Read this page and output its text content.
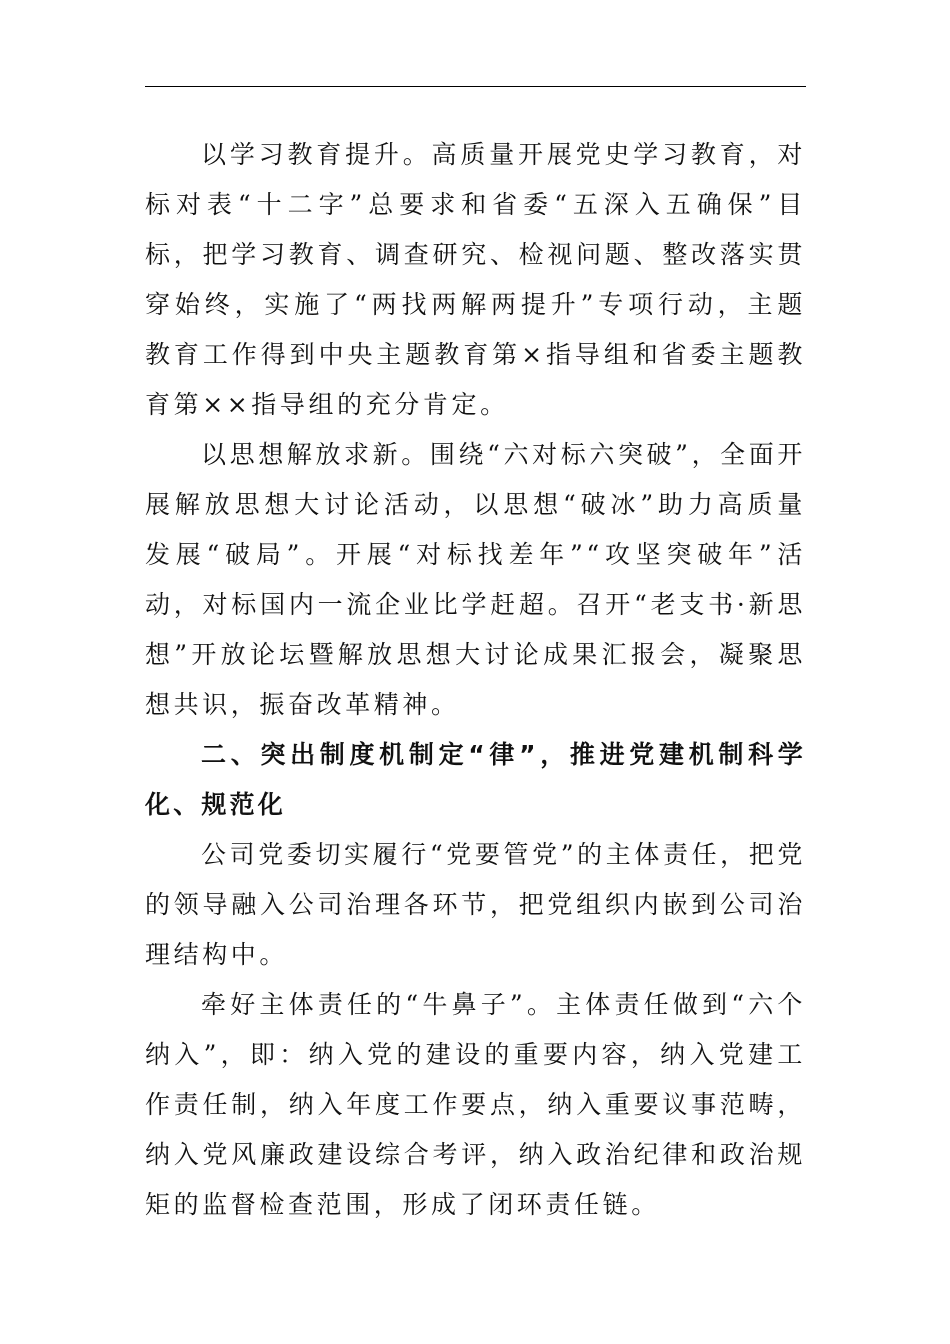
以学习教育提升。高质量开展党史学习教育，对标对表“十二字”总要求和省委“五深入五确保”目标，把学习教育、调查研究、检视问题、整改落实贯穿始终，实施了“两找两解两提升”专项行动，主题教育工作得到中央主题教育第×指导组和省委主题教育第××指导组的充分肯定。

以思想解放求新。围绕“六对标六突破”，全面开展解放思想大讨论活动，以思想“破冰”助力高质量发展“破局”。开展“对标找差年”“攻坚突破年”活动，对标国内一流企业比学赶超。召开“老支书·新思想”开放论坛暨解放思想大讨论成果汇报会，凝聚思想共识，振奋改革精神。

二、突出制度机制定“律”，推进党建机制科学化、规范化

公司党委切实履行“党要管党”的主体责任，把党的领导融入公司治理各环节，把党组织内嵌到公司治理结构中。

牵好主体责任的“牛鼻子”。主体责任做到“六个纳入”，即：纳入党的建设的重要内容，纳入党建工作责任制，纳入年度工作要点，纳入重要议事范畴，纳入党风廉政建设综合考评，纳入政治纪律和政治规矩的监督检查范围，形成了闭环责任链。
